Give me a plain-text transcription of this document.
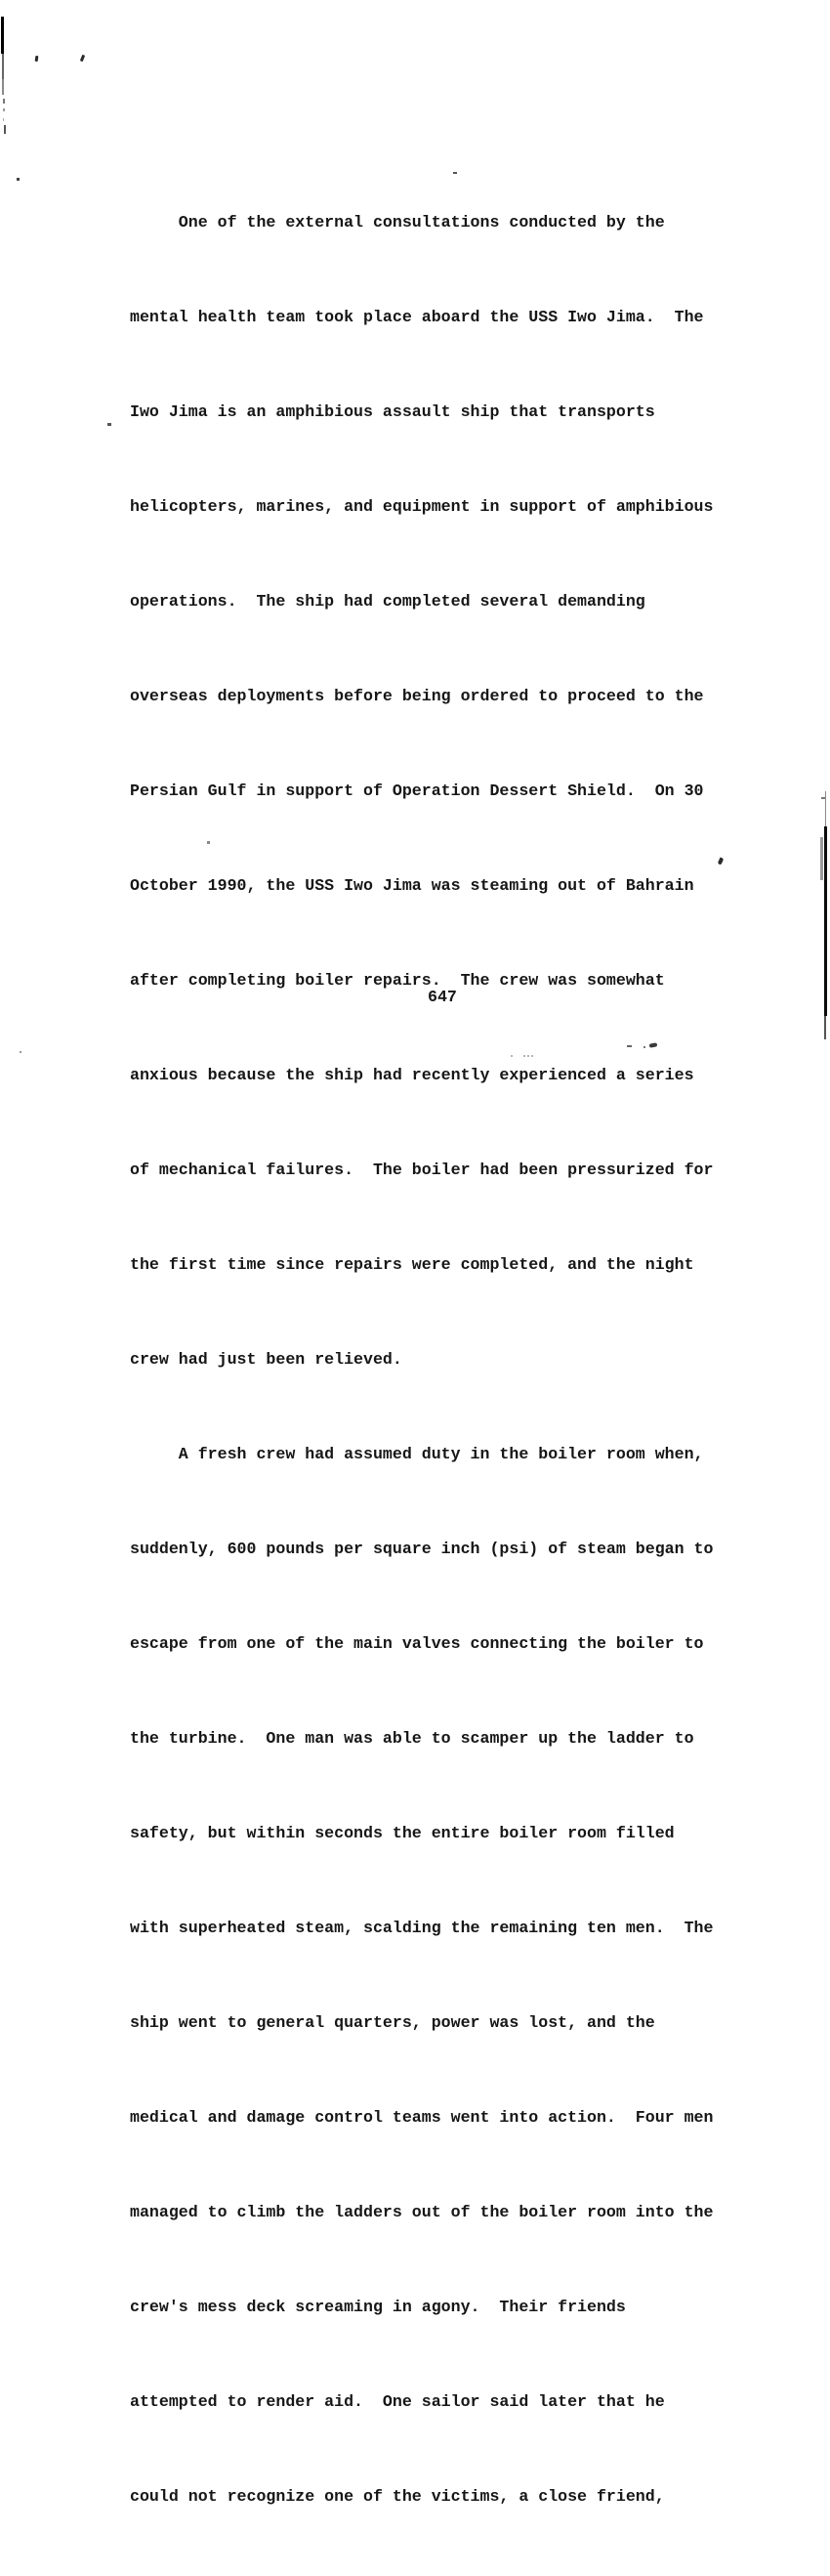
One of the external consultations conducted by the

mental health team took place aboard the USS Iwo Jima.  The

Iwo Jima is an amphibious assault ship that transports

helicopters, marines, and equipment in support of amphibious

operations.  The ship had completed several demanding

overseas deployments before being ordered to proceed to the

Persian Gulf in support of Operation Dessert Shield.  On 30

October 1990, the USS Iwo Jima was steaming out of Bahrain

after completing boiler repairs.  The crew was somewhat

anxious because the ship had recently experienced a series

of mechanical failures.  The boiler had been pressurized for

the first time since repairs were completed, and the night

crew had just been relieved.

A fresh crew had assumed duty in the boiler room when,

suddenly, 600 pounds per square inch (psi) of steam began to

escape from one of the main valves connecting the boiler to

the turbine.  One man was able to scamper up the ladder to

safety, but within seconds the entire boiler room filled

with superheated steam, scalding the remaining ten men.  The

ship went to general quarters, power was lost, and the

medical and damage control teams went into action.  Four men

managed to climb the ladders out of the boiler room into the

crew's mess deck screaming in agony.  Their friends

attempted to render aid.  One sailor said later that he

could not recognize one of the victims, a close friend,

647
